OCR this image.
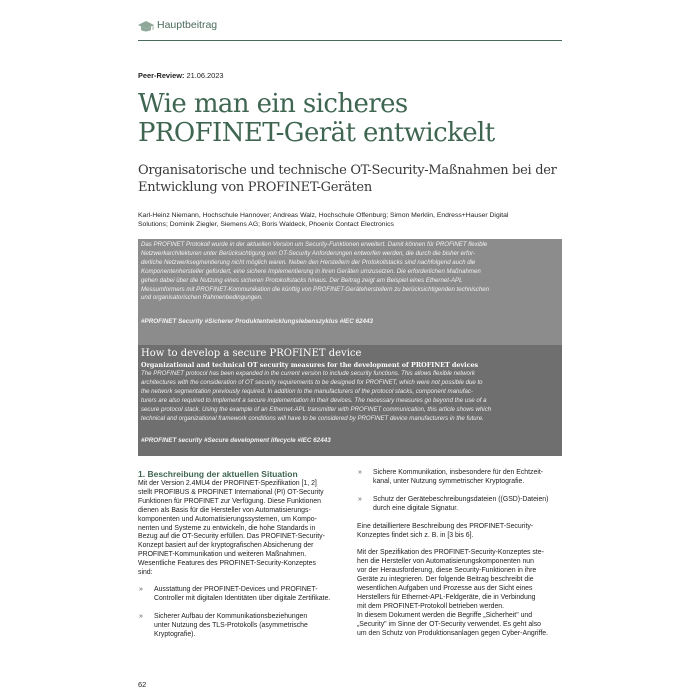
Hauptbeitrag
Peer-Review: 21.06.2023
Wie man ein sicheres
PROFINET-Gerät entwickelt
Organisatorische und technische OT-Security-Maßnahmen bei der
Entwicklung von PROFINET-Geräten
Karl-Heinz Niemann, Hochschule Hannover; Andreas Walz, Hochschule Offenburg; Simon Merklin, Endress+Hauser Digital
Solutions; Dominik Ziegler, Siemens AG; Boris Waldeck, Phoenix Contact Electronics
Das PROFINET Protokoll wurde in der aktuellen Version um Security-Funktionen erweitert. Damit können für PROFINET flexible
Netzwerkarchitekturen unter Berücksichtigung von OT-Security Anforderungen entworfen werden, die durch die bisher erfor-
derliche Netzwerksegmentierung nicht möglich waren. Neben den Herstellern der Protokollstacks sind nachfolgend auch die
Komponentenhersteller gefordert, eine sichere Implementierung in ihren Geräten umzusetzen. Die erforderlichen Maßnahmen
gehen dabei über die Nutzung eines sicheren Protokollstacks hinaus. Der Beitrag zeigt am Beispiel eines Ethernet-APL
Messumformers mit PROFINET-Kommunikation die künftig von PROFINET-Geräteherstellern zu berücksichtigenden technischen
und organisatorischen Rahmenbedingungen.
#PROFINET Security #Sicherer Produktentwicklungslebenszyklus #IEC 62443
How to develop a secure PROFINET device
Organizational and technical OT security measures for the development of PROFINET devices
The PROFINET protocol has been expanded in the current version to include security functions. This allows flexible network
architectures with the consideration of OT security requirements to be designed for PROFINET, which were not possible due to
the network segmentation previously required. In addition to the manufacturers of the protocol stacks, component manufac-
turers are also required to implement a secure implementation in their devices. The necessary measures go beyond the use of a
secure protocol stack. Using the example of an Ethernet-APL transmitter with PROFINET communication, this article shows which
technical and organizational framework conditions will have to be considered by PROFINET device manufacturers in the future.
#PROFINET security #Secure development lifecycle #IEC 62443
1. Beschreibung der aktuellen Situation
Mit der Version 2.4MU4 der PROFINET-Spezifikation [1, 2]
stellt PROFIBUS & PROFINET International (PI) OT-Security
Funktionen für PROFINET zur Verfügung. Diese Funktionen
dienen als Basis für die Hersteller von Automatisierungs-
komponenten und Automatisierungssystemen, um Kompo-
nenten und Systeme zu entwickeln, die hohe Standards in
Bezug auf die OT-Security erfüllen. Das PROFINET-Security-
Konzept basiert auf der kryptografischen Absicherung der
PROFINET-Kommunikation und weiteren Maßnahmen.
Wesentliche Features des PROFINET-Security-Konzeptes
sind:
» Ausstattung der PROFINET-Devices und PROFINET-
Controller mit digitalen Identitäten über digitale Zertifikate.
» Sicherer Aufbau der Kommunikationsbeziehungen
unter Nutzung des TLS-Protokolls (asymmetrische
Kryptografie).
» Sichere Kommunikation, insbesondere für den Echtzeit-
kanal, unter Nutzung symmetrischer Kryptografie.
» Schutz der Gerätebeschreibungsdateien ((GSD)-Dateien)
durch eine digitale Signatur.
Eine detailliertere Beschreibung des PROFINET-Security-
Konzeptes findet sich z. B. in [3 bis 6].
Mit der Spezifikation des PROFINET-Security-Konzeptes ste-
hen die Hersteller von Automatisierungskomponenten nun
vor der Herausforderung, diese Security-Funktionen in ihre
Geräte zu integrieren. Der folgende Beitrag beschreibt die
wesentlichen Aufgaben und Prozesse aus der Sicht eines
Herstellers für Ethernet-APL-Feldgeräte, die in Verbindung
mit dem PROFINET-Protokoll betrieben werden.
In diesem Dokument werden die Begriffe „Sicherheit" und
„Security" im Sinne der OT-Security verwendet. Es geht also
um den Schutz von Produktionsanlagen gegen Cyber-Angriffe.
62
